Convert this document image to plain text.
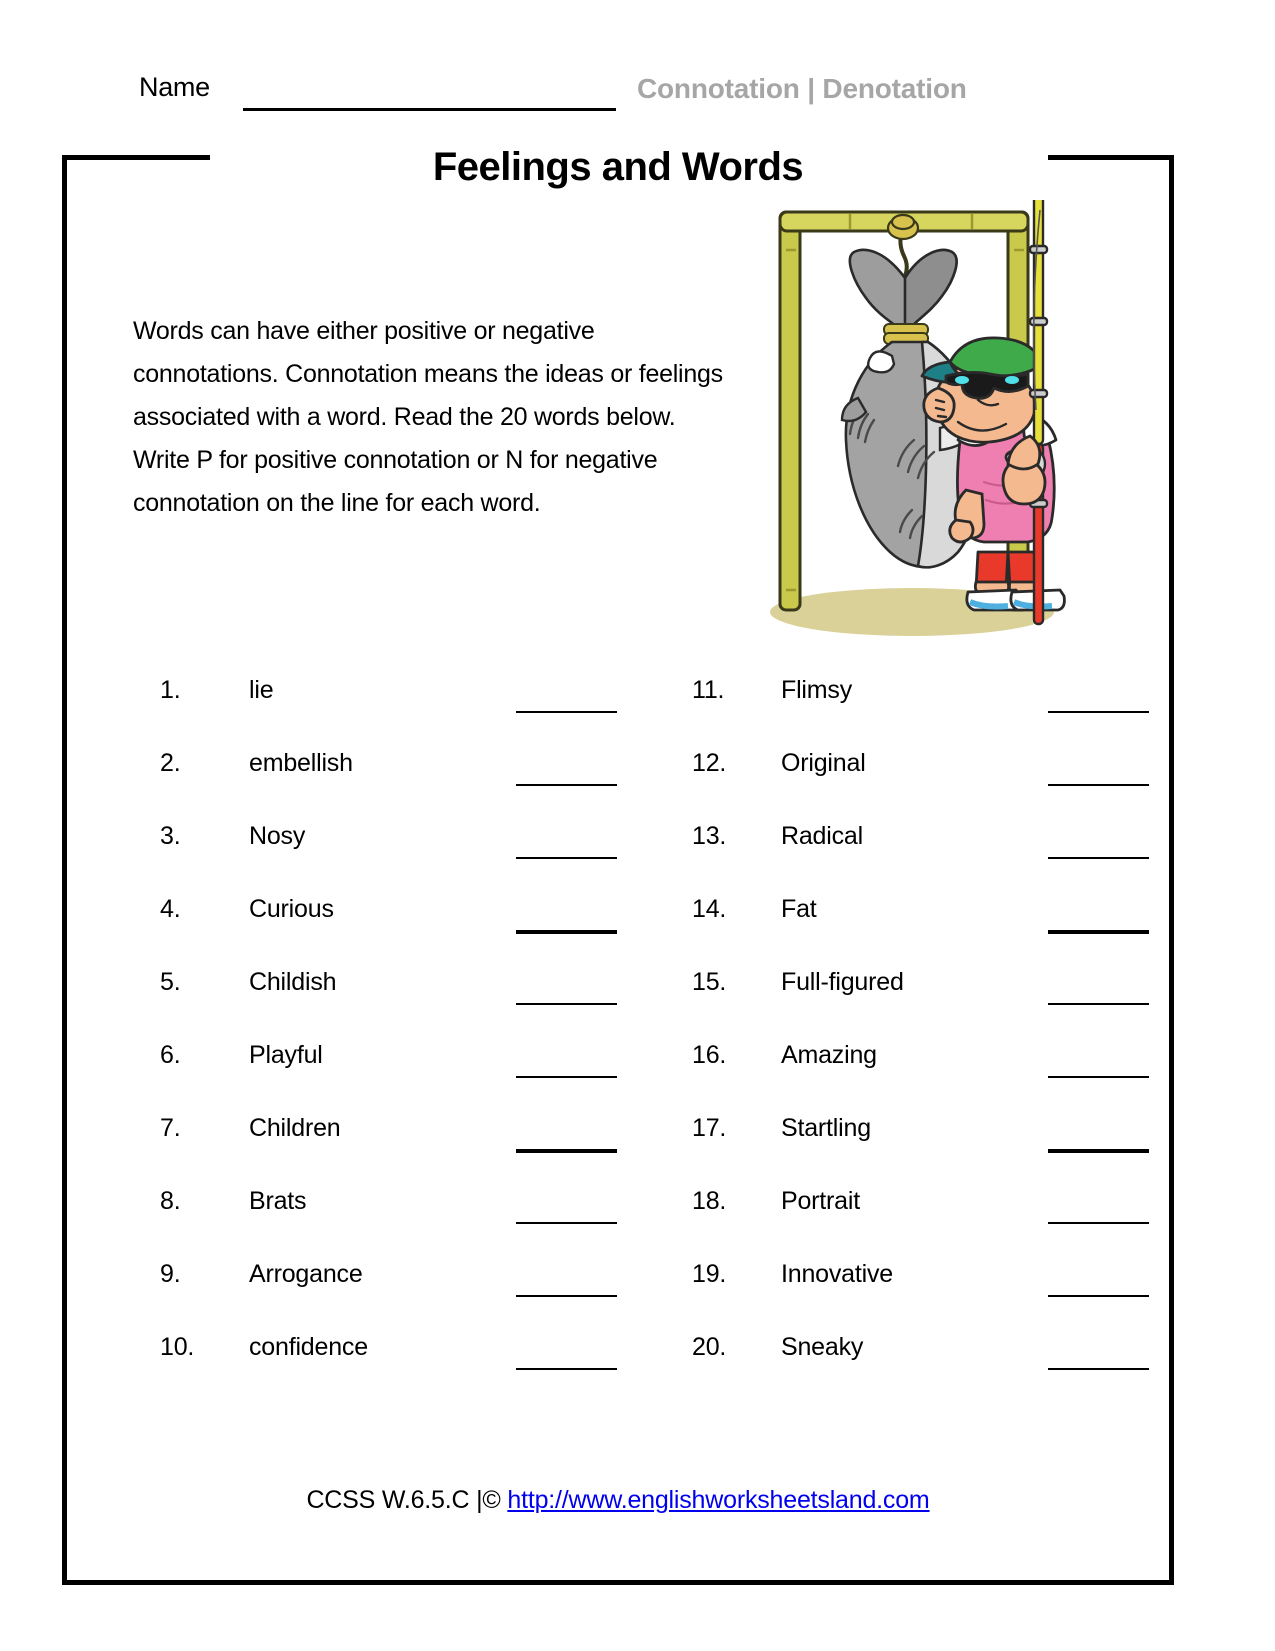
Name	Connotation | Denotation
Feelings and Words
Words can have either positive or negative connotations. Connotation means the ideas or feelings associated with a word. Read the 20 words below. Write P for positive connotation or N for negative connotation on the line for each word.
1.	lie
2.	embellish
3.	Nosy
4.	Curious
5.	Childish
6.	Playful
7.	Children
8.	Brats
9.	Arrogance
10. confidence
11. Flimsy
12. Original
13. Radical
14. Fat
15. Full-figured
16. Amazing
17. Startling
18. Portrait
19. Innovative
20. Sneaky
CCSS W.6.5.C |© http://www.englishworksheetsland.com
